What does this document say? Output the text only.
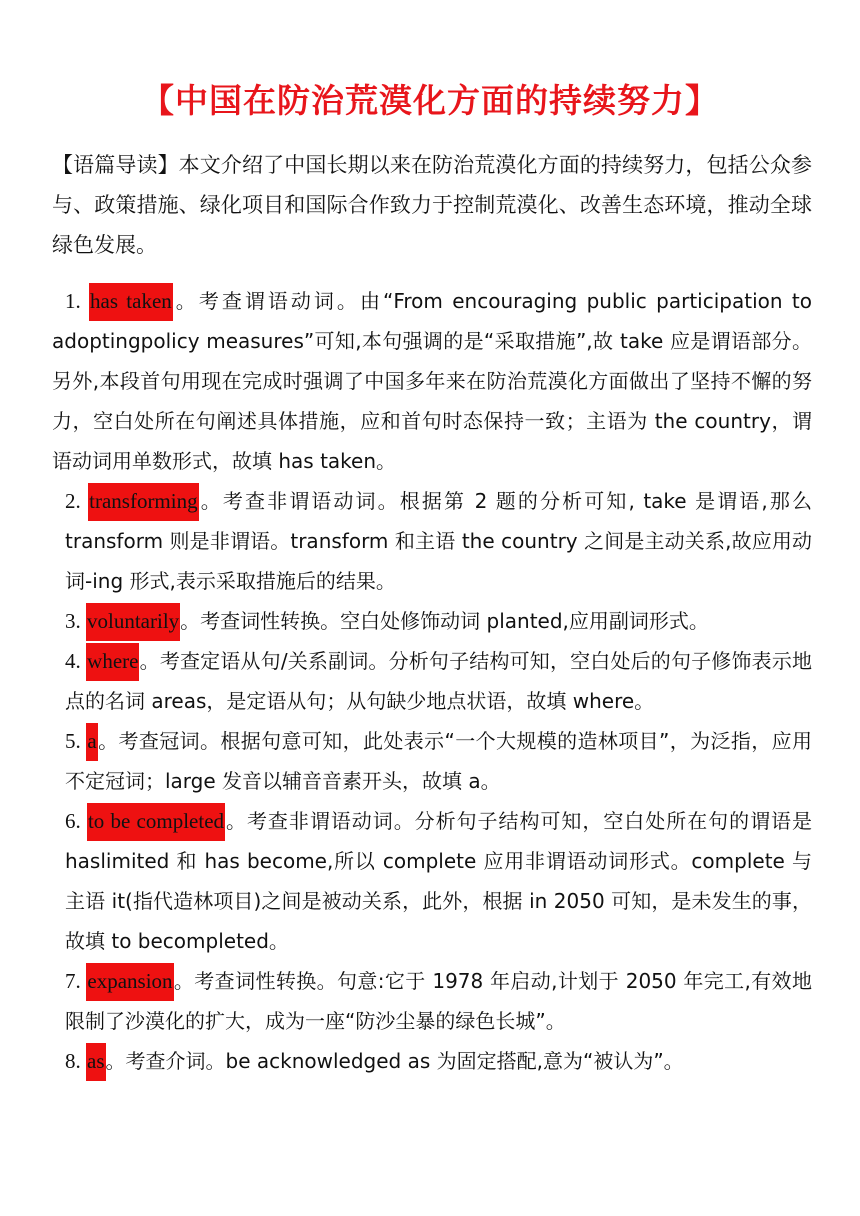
【中国在防治荒漠化方面的持续努力】

【语篇导读】本文介绍了中国长期以来在防治荒漠化方面的持续努力，包括公众参与、政策措施、绿化项目和国际合作致力于控制荒漠化、改善生态环境，推动全球绿色发展。

1. has taken。考查谓语动词。由“From encouraging public participation to adoptingpolicy measures”可知,本句强调的是“采取措施”,故 take 应是谓语部分。另外,本段首句用现在完成时强调了中国多年来在防治荒漠化方面做出了坚持不懈的努力，空白处所在句阐述具体措施，应和首句时态保持一致；主语为 the country，谓语动词用单数形式，故填 has taken。

2. transforming。考查非谓语动词。根据第 2 题的分析可知, take 是谓语,那么 transform 则是非谓语。transform 和主语 the country 之间是主动关系,故应用动词-ing 形式,表示采取措施后的结果。

3. voluntarily。考查词性转换。空白处修饰动词 planted,应用副词形式。

4. where。考查定语从句/关系副词。分析句子结构可知，空白处后的句子修饰表示地点的名词 areas，是定语从句；从句缺少地点状语，故填 where。

5. a。考查冠词。根据句意可知，此处表示“一个大规模的造林项目”，为泛指，应用不定冠词；large 发音以辅音音素开头，故填 a。

6. to be completed。考查非谓语动词。分析句子结构可知，空白处所在句的谓语是 haslimited 和 has become,所以 complete 应用非谓语动词形式。complete 与主语 it(指代造林项目)之间是被动关系，此外，根据 in 2050 可知，是未发生的事，故填 to becompleted。

7. expansion。考查词性转换。句意:它于 1978 年启动,计划于 2050 年完工,有效地限制了沙漠化的扩大，成为一座“防沙尘暴的绿色长城”。

8. as。考查介词。be acknowledged as 为固定搭配,意为“被认为”。
